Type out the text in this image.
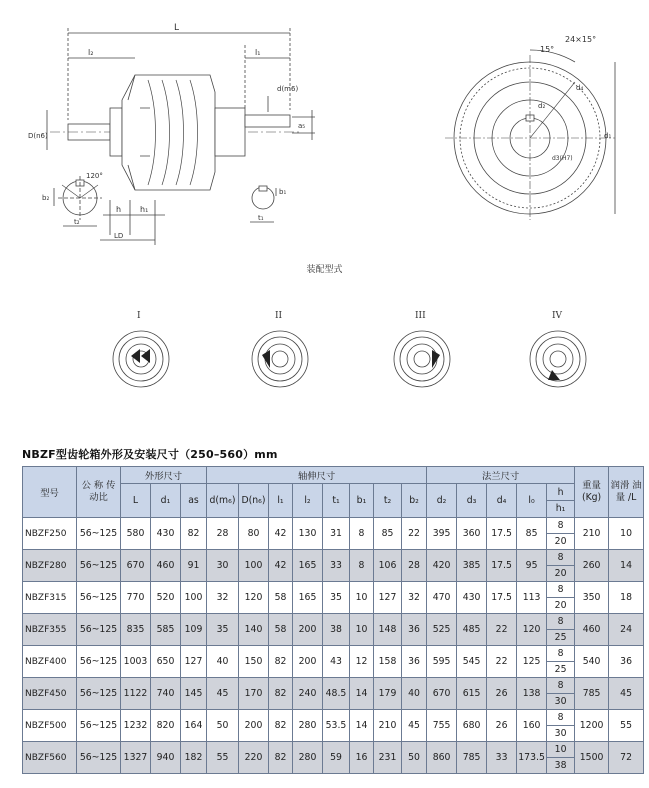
L
l₂	l₁
D(n6)
d(m6)
a₅
h h₁
LD
120°
b₂
t₂
b₁
t₁
15°
24×15°
d₂
d₄
d₁
d3(H7)
装配型式
I	II	III	IV
NBZF型齿轮箱外形及安装尺寸（250–560）mm
型号	公 称 传动比	外形尺寸			轴伸尺寸								法兰尺寸					重量 (Kg)	润滑 油量 /L
		L	d₁	as	d(m₆)	D(n₆)	l₁	l₂	t₁	b₁	t₂	b₂	d₂	d₃	d₄	l₀	h
h₁		

NBZF250	56~125	580	430	82	28	80	42	130	31	8	85	22	395	360	17.5	85	8	210	10
																	20		
NBZF280	56~125	670	460	91	30	100	42	165	33	8	106	28	420	385	17.5	95	8	260	14
																	20		
NBZF315	56~125	770	520	100	32	120	58	165	35	10	127	32	470	430	17.5	113	8	350	18
																	20		
NBZF355	56~125	835	585	109	35	140	58	200	38	10	148	36	525	485	22	120	8	460	24
																	25		
NBZF400	56~125	1003	650	127	40	150	82	200	43	12	158	36	595	545	22	125	8	540	36
																	25		
NBZF450	56~125	1122	740	145	45	170	82	240	48.5	14	179	40	670	615	26	138	8	785	45
																	30		
NBZF500	56~125	1232	820	164	50	200	82	280	53.5	14	210	45	755	680	26	160	8	1200	55
																	30		
NBZF560	56~125	1327	940	182	55	220	82	280	59	16	231	50	860	785	33	173.5	10	1500	72
																	38		
